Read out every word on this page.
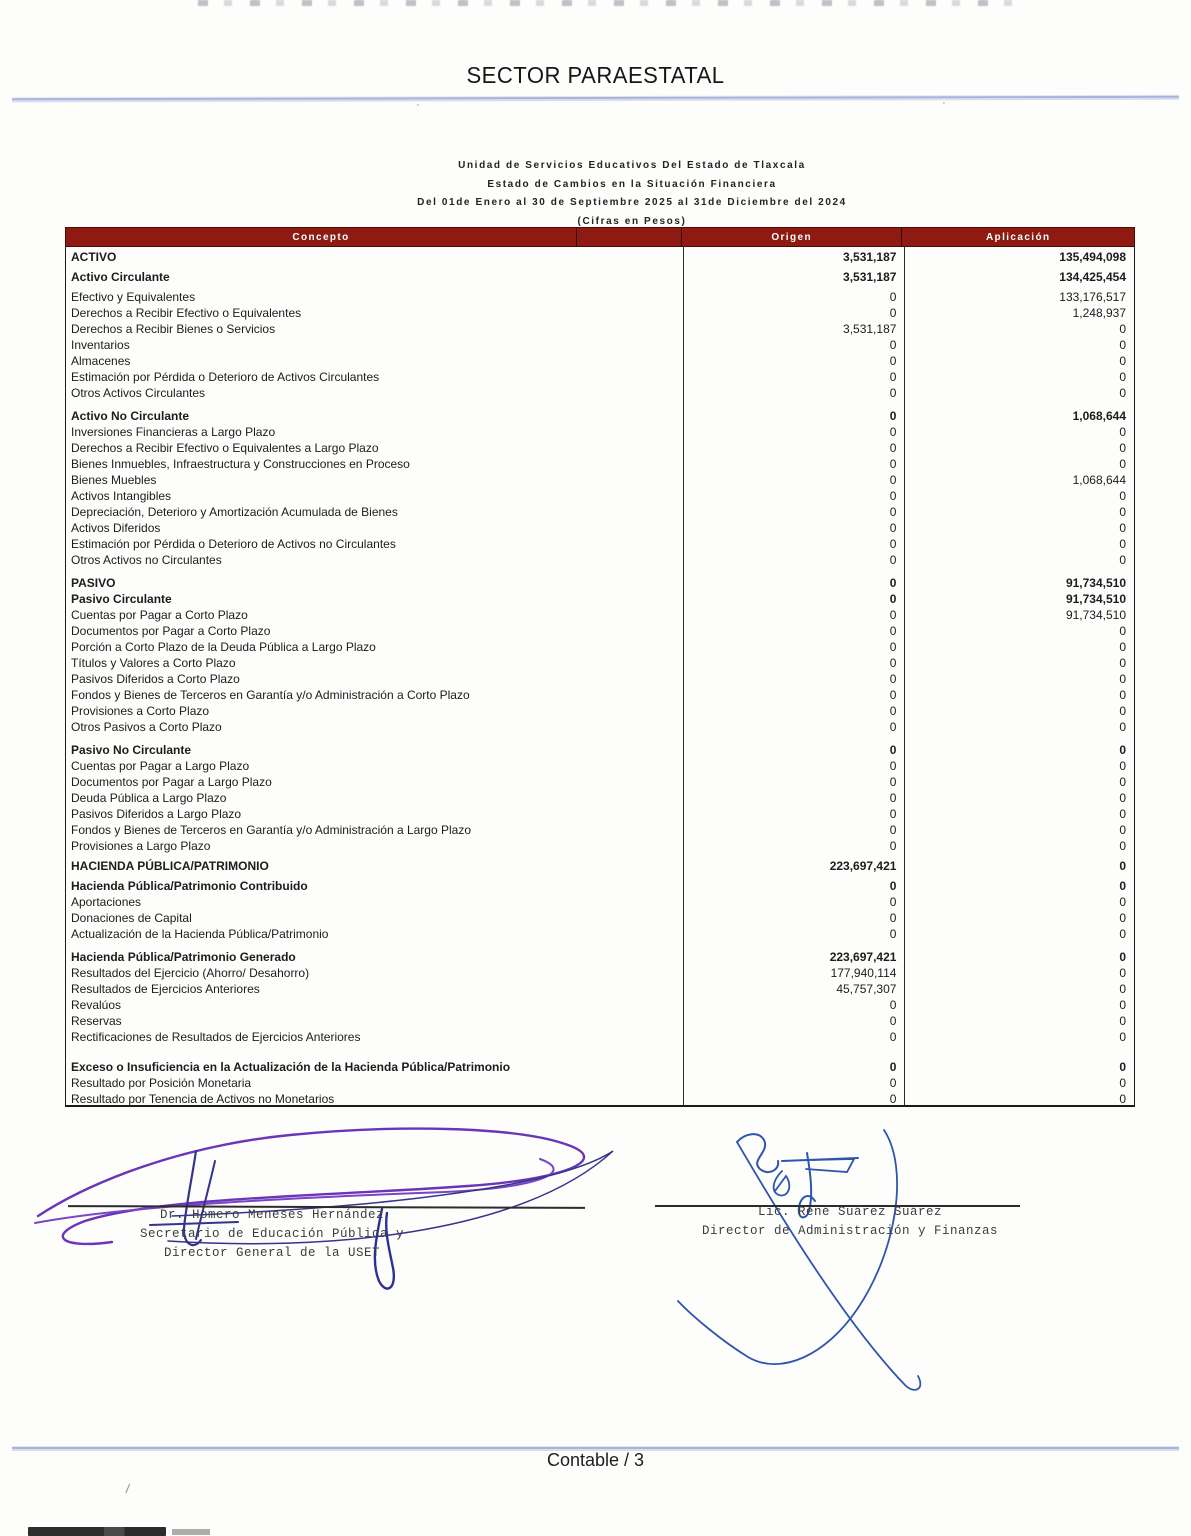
SECTOR PARAESTATAL
'	'
Unidad de Servicios Educativos Del Estado de Tlaxcala
Estado de Cambios en la Situación Financiera
Del 01de Enero al 30 de Septiembre 2025 al 31de Diciembre del 2024
(Cifras en Pesos)
Concepto	Origen	Aplicación
ACTIVO	3,531,187	135,494,098
Activo Circulante	3,531,187	134,425,454
Efectivo y Equivalentes	0	133,176,517
Derechos a Recibir Efectivo o Equivalentes	0	1,248,937
Derechos a Recibir Bienes o Servicios	3,531,187	0
Inventarios	0	0
Almacenes	0	0
Estimación por Pérdida o Deterioro de Activos Circulantes	0	0
Otros Activos Circulantes	0	0
Activo No Circulante	0	1,068,644
Inversiones Financieras a Largo Plazo	0	0
Derechos a Recibir Efectivo o Equivalentes a Largo Plazo	0	0
Bienes Inmuebles, Infraestructura y Construcciones en Proceso	0	0
Bienes Muebles	0	1,068,644
Activos Intangibles	0	0
Depreciación, Deterioro y Amortización Acumulada de Bienes	0	0
Activos Diferidos	0	0
Estimación por Pérdida o Deterioro de Activos no Circulantes	0	0
Otros Activos no Circulantes	0	0
PASIVO	0	91,734,510
Pasivo Circulante	0	91,734,510
Cuentas por Pagar a Corto Plazo	0	91,734,510
Documentos por Pagar a Corto Plazo	0	0
Porción a Corto Plazo de la Deuda Pública a Largo Plazo	0	0
Títulos y Valores a Corto Plazo	0	0
Pasivos Diferidos a Corto Plazo	0	0
Fondos y Bienes de Terceros en Garantía y/o Administración a Corto Plazo	0	0
Provisiones a Corto Plazo	0	0
Otros Pasivos a Corto Plazo	0	0
Pasivo No Circulante	0	0
Cuentas por Pagar a Largo Plazo	0	0
Documentos por Pagar a Largo Plazo	0	0
Deuda Pública a Largo Plazo	0	0
Pasivos Diferidos a Largo Plazo	0	0
Fondos y Bienes de Terceros en Garantía y/o Administración a Largo Plazo	0	0
Provisiones a Largo Plazo	0	0
HACIENDA PÚBLICA/PATRIMONIO	223,697,421	0
Hacienda Pública/Patrimonio Contribuido	0	0
Aportaciones	0	0
Donaciones de Capital	0	0
Actualización de la Hacienda Pública/Patrimonio	0	0
Hacienda Pública/Patrimonio Generado	223,697,421	0
Resultados del Ejercicio (Ahorro/ Desahorro)	177,940,114	0
Resultados de Ejercicios Anteriores	45,757,307	0
Revalúos	0	0
Reservas	0	0
Rectificaciones de Resultados de Ejercicios Anteriores	0	0
Exceso o Insuficiencia en la Actualización de la Hacienda Pública/Patrimonio	0	0
Resultado por Posición Monetaria	0	0
Resultado por Tenencia de Activos no Monetarios	0	0
Dr. Homero Meneses Hernández
Secretario de Educación Pública y
Director General de la USET
Lic. René Suárez Suárez
Director de Administración y Finanzas
Contable / 3
/
